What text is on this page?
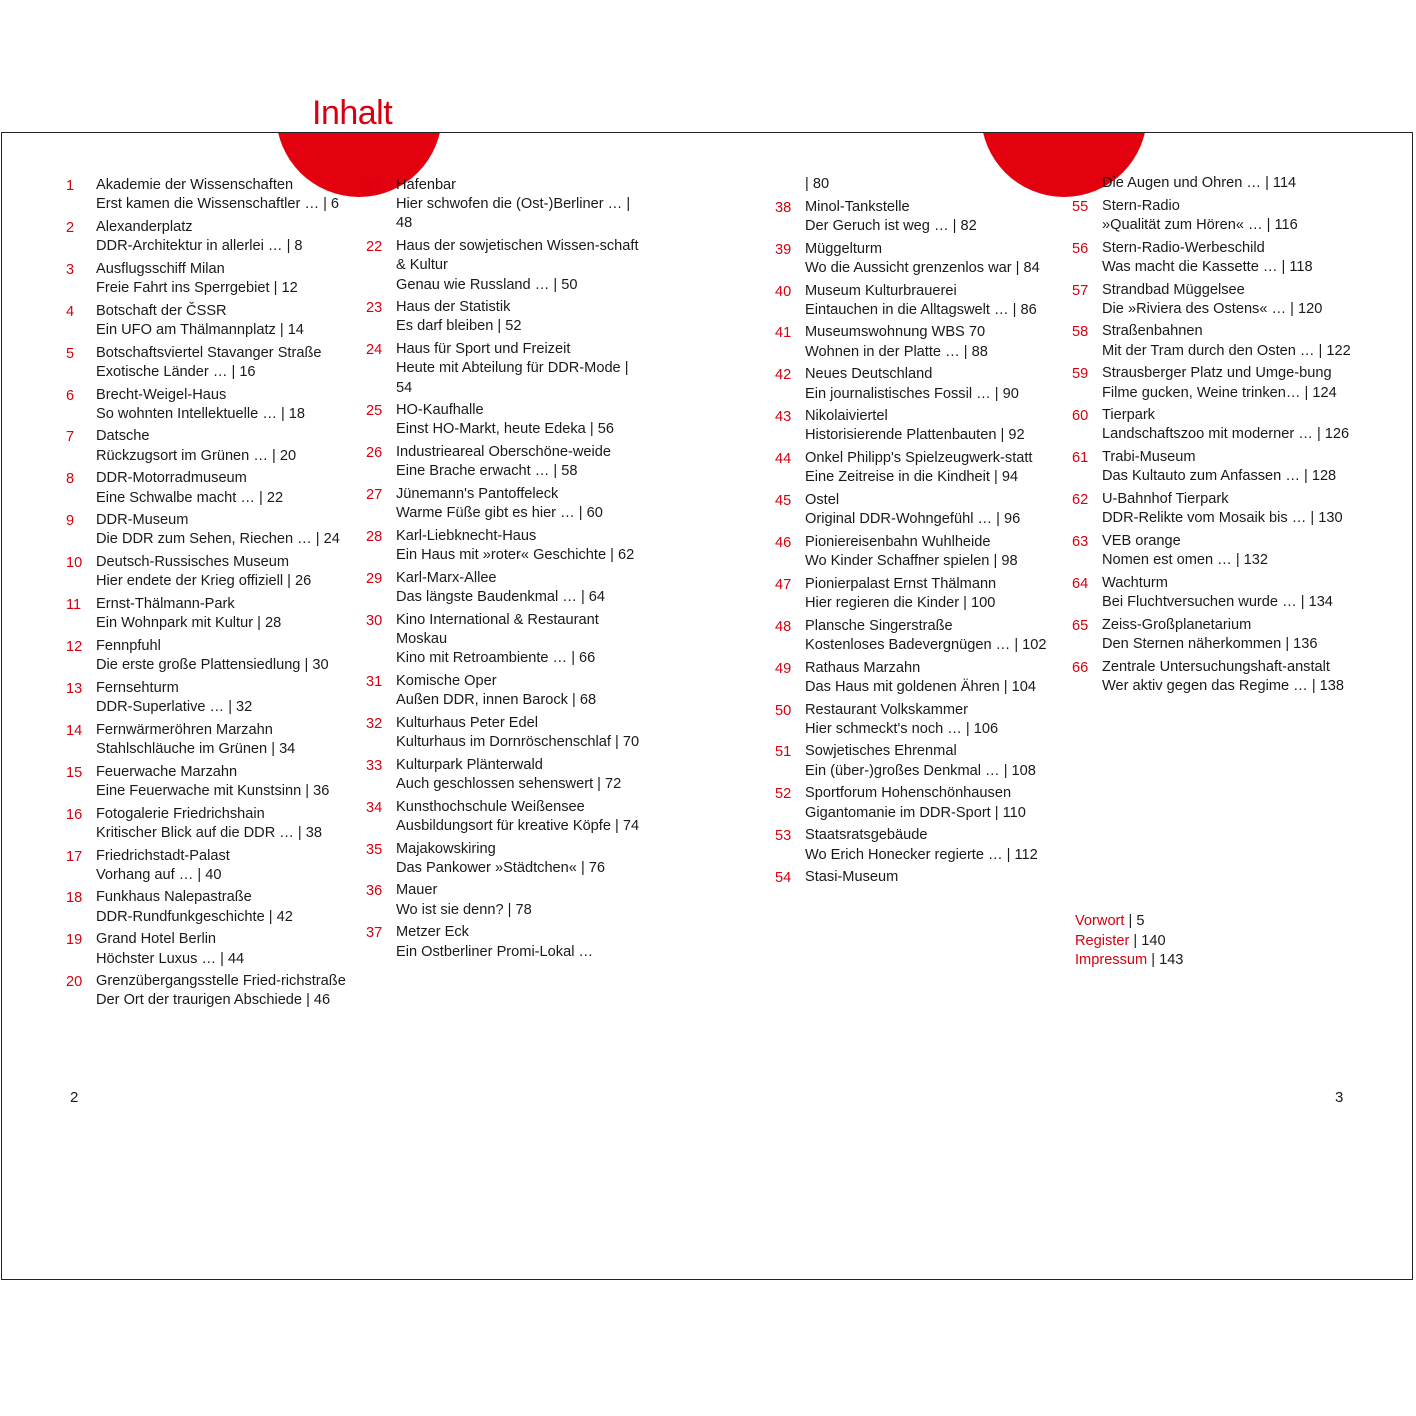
Inhalt
1	Akademie der Wissenschaften
Erst kamen die Wissenschaftler … | 6
2	Alexanderplatz
DDR-Architektur in allerlei … | 8
3	Ausflugsschiff Milan
Freie Fahrt ins Sperrgebiet | 12
4	Botschaft der ČSSR
Ein UFO am Thälmannplatz | 14
5	Botschaftsviertel Stavanger Straße
Exotische Länder … | 16
6	Brecht-Weigel-Haus
So wohnten Intellektuelle … | 18
7	Datsche
Rückzugsort im Grünen … | 20
8	DDR-Motorradmuseum
Eine Schwalbe macht … | 22
9	DDR-Museum
Die DDR zum Sehen, Riechen … | 24
10 Deutsch-Russisches Museum
Hier endete der Krieg offiziell | 26
11	Ernst-Thälmann-Park
Ein Wohnpark mit Kultur | 28
12 Fennpfuhl
Die erste große Plattensiedlung | 30
13 Fernsehturm
DDR-Superlative … | 32
14 Fernwärmeröhren Marzahn
Stahlschläuche im Grünen | 34
15 Feuerwache Marzahn
Eine Feuerwache mit Kunstsinn | 36
16 Fotogalerie Friedrichshain
Kritischer Blick auf die DDR … | 38
17 Friedrichstadt-Palast
Vorhang auf … | 40
18 Funkhaus Nalepastraße
DDR-Rundfunkgeschichte | 42
19 Grand Hotel Berlin
Höchster Luxus … | 44
20 Grenzübergangsstelle Fried-richstraße
Der Ort der traurigen Abschiede | 46
21 Hafenbar
Hier schwofen die (Ost-)Berliner … | 48
22 Haus der sowjetischen Wissen-schaft & Kultur
Genau wie Russland … | 50
23 Haus der Statistik
Es darf bleiben | 52
24 Haus für Sport und Freizeit
Heute mit Abteilung für DDR-Mode | 54
25 HO-Kaufhalle
Einst HO-Markt, heute Edeka | 56
26 Industrieareal Oberschöne-weide
Eine Brache erwacht … | 58
27 Jünemann's Pantoffeleck
Warme Füße gibt es hier … | 60
28 Karl-Liebknecht-Haus
Ein Haus mit »roter« Geschichte | 62
29 Karl-Marx-Allee
Das längste Baudenkmal … | 64
30 Kino International & Restaurant Moskau
Kino mit Retroambiente … | 66
31 Komische Oper
Außen DDR, innen Barock | 68
32 Kulturhaus Peter Edel
Kulturhaus im Dornröschenschlaf | 70
33 Kulturpark Plänterwald
Auch geschlossen sehenswert | 72
34 Kunsthochschule Weißensee
Ausbildungsort für kreative Köpfe | 74
35 Majakowskiring
Das Pankower »Städtchen« | 76
36 Mauer
Wo ist sie denn? | 78
37 Metzer Eck
Ein Ostberliner Promi-Lokal …
| 80
38 Minol-Tankstelle
Der Geruch ist weg … | 82
39 Müggelturm
Wo die Aussicht grenzenlos war | 84
40 Museum Kulturbrauerei
Eintauchen in die Alltagswelt … | 86
41 Museumswohnung WBS 70
Wohnen in der Platte … | 88
42 Neues Deutschland
Ein journalistisches Fossil … | 90
43 Nikolaiviertel
Historisierende Plattenbauten | 92
44 Onkel Philipp's Spielzeugwerk-statt
Eine Zeitreise in die Kindheit | 94
45 Ostel
Original DDR-Wohngefühl … | 96
46 Pioniereisenbahn Wuhlheide
Wo Kinder Schaffner spielen | 98
47 Pionierpalast Ernst Thälmann
Hier regieren die Kinder | 100
48 Plansche Singerstraße
Kostenloses Badevergnügen … | 102
49 Rathaus Marzahn
Das Haus mit goldenen Ähren | 104
50 Restaurant Volkskammer
Hier schmeckt's noch … | 106
51 Sowjetisches Ehrenmal
Ein (über-)großes Denkmal … | 108
52 Sportforum Hohenschönhausen
Gigantomanie im DDR-Sport | 110
53 Staatsratsgebäude
Wo Erich Honecker regierte … | 112
54 Stasi-Museum
Die Augen und Ohren … | 114
55 Stern-Radio
»Qualität zum Hören« … | 116
56 Stern-Radio-Werbeschild
Was macht die Kassette … | 118
57 Strandbad Müggelsee
Die »Riviera des Ostens« … | 120
58 Straßenbahnen
Mit der Tram durch den Osten … | 122
59 Strausberger Platz und Umge-bung
Filme gucken, Weine trinken… | 124
60 Tierpark
Landschaftszoo mit moderner … | 126
61 Trabi-Museum
Das Kultauto zum Anfassen … | 128
62 U-Bahnhof Tierpark
DDR-Relikte vom Mosaik bis … | 130
63 VEB orange
Nomen est omen … | 132
64 Wachturm
Bei Fluchtversuchen wurde … | 134
65 Zeiss-Großplanetarium
Den Sternen näherkommen | 136
66 Zentrale Untersuchungshaft-anstalt
Wer aktiv gegen das Regime … | 138
Vorwort | 5
Register | 140
Impressum | 143
2	3
